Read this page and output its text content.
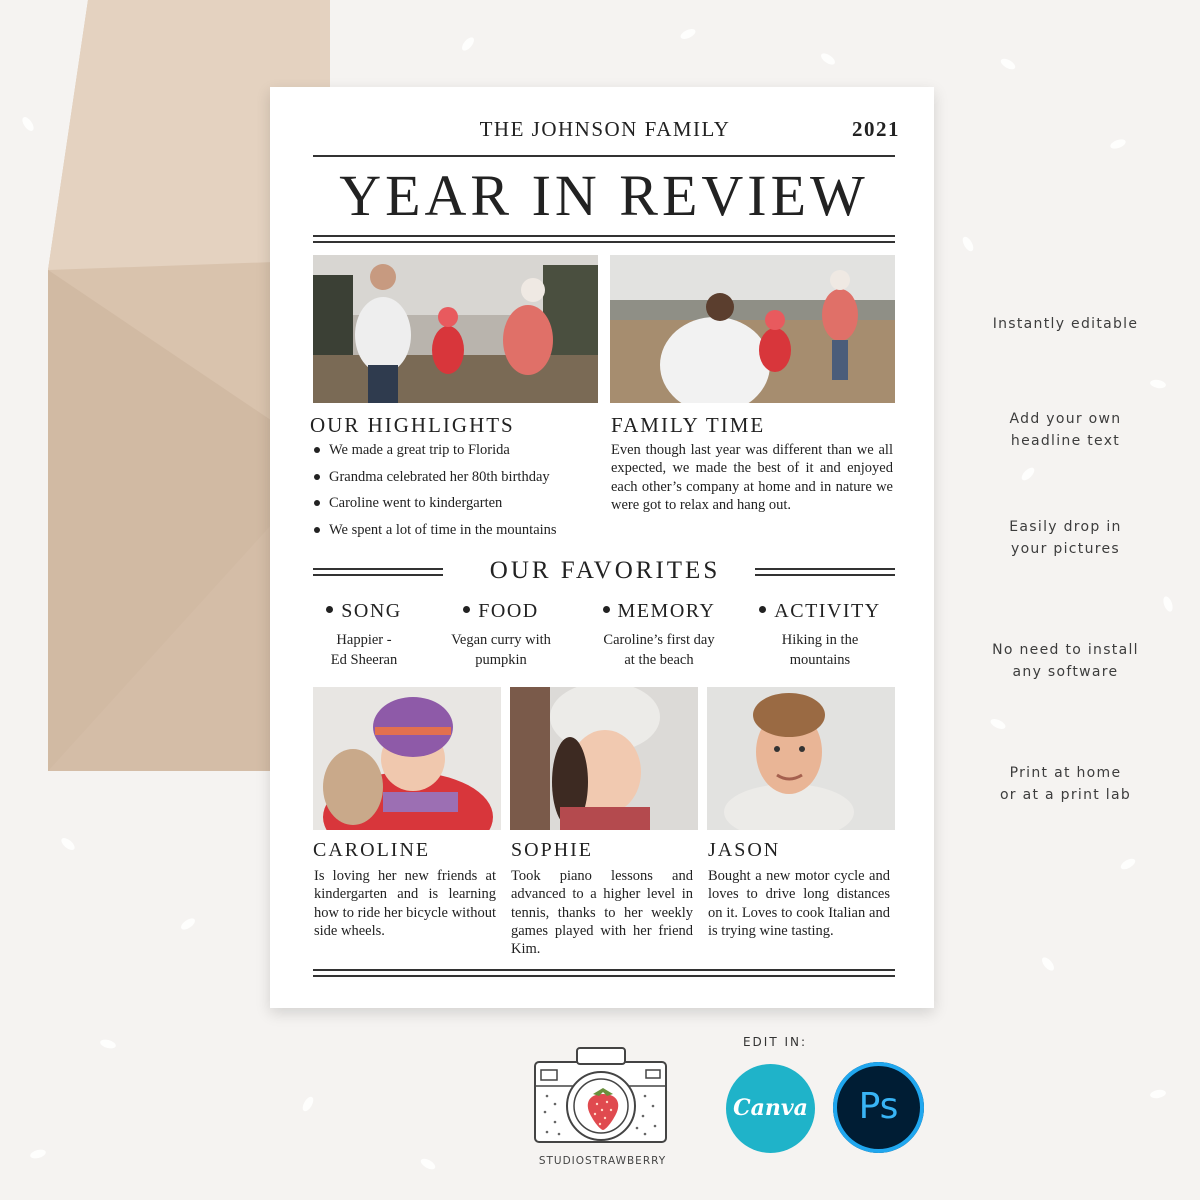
THE JOHNSON FAMILY	2021
YEAR IN REVIEW
OUR HIGHLIGHTS
We made a great trip to Florida
Grandma celebrated her 80th birthday
Caroline went to kindergarten
We spent a lot of time in the mountains
FAMILY TIME
Even though last year was different than we all expected, we made the best of it and enjoyed each other’s company at home and in nature we were got to relax and hang out.
OUR FAVORITES
SONG
Happier -
Ed Sheeran
FOOD
Vegan curry with
pumpkin
MEMORY
Caroline’s first day
at the beach
ACTIVITY
Hiking in the
mountains
CAROLINE
Is loving her new friends at kindergarten and is learning how to ride her bicycle without side wheels.
SOPHIE
Took piano lessons and advanced to a higher level in tennis, thanks to her weekly games played with her friend Kim.
JASON
Bought a new motor cycle and loves to drive long distances on it. Loves to cook Italian and is trying wine tasting.
Instantly editable
Add your own
headline text
Easily drop in
your pictures
No need to install
any software
Print at home
or at a print lab
STUDIOSTRAWBERRY
EDIT IN:
Canva	Ps
